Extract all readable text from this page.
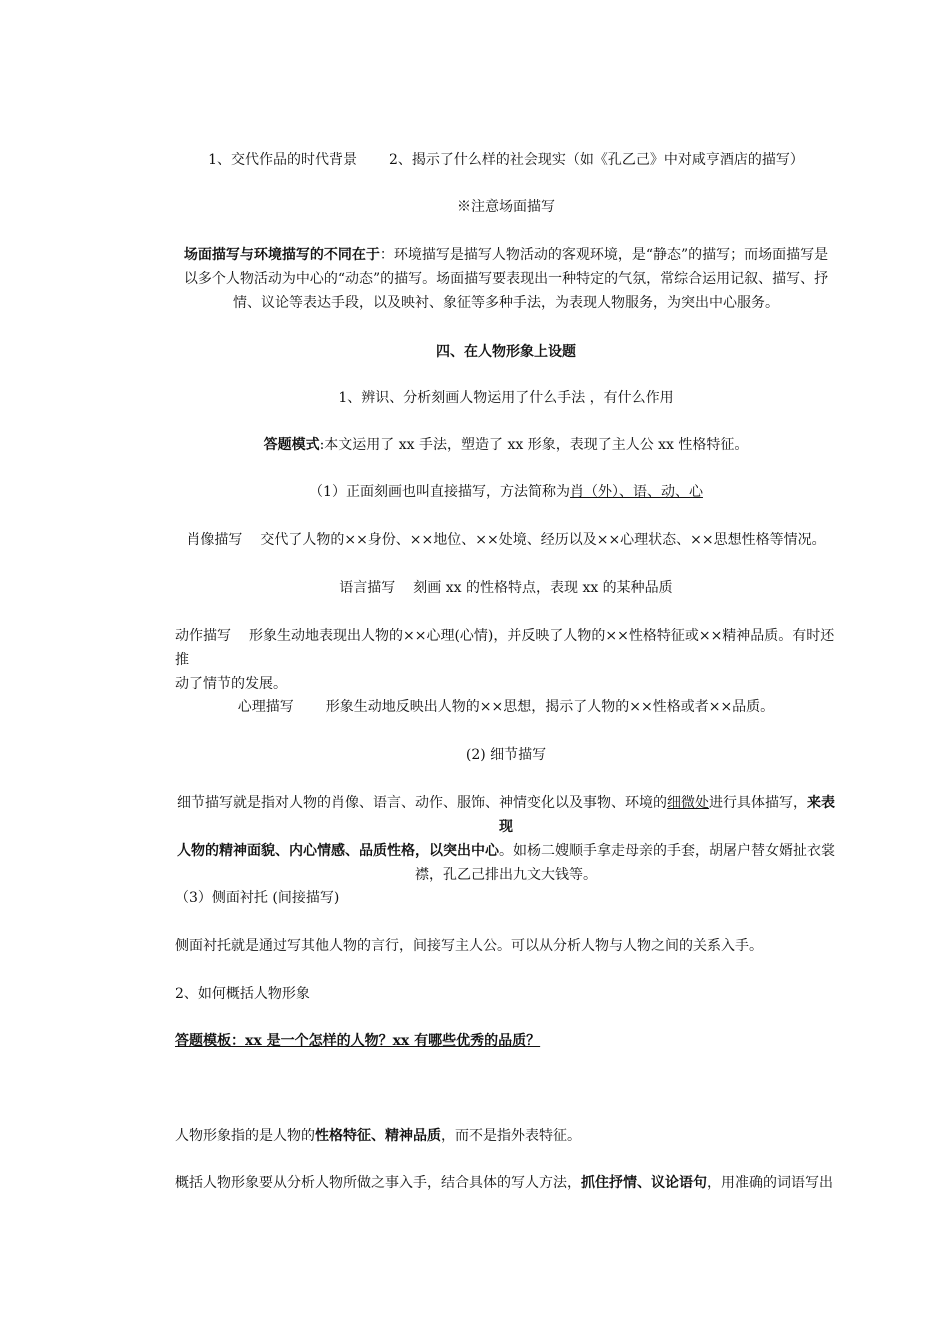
1、交代作品的时代背景 2、揭示了什么样的社会现实（如《孔乙己》中对咸亨酒店的描写）

※注意场面描写

场面描写与环境描写的不同在于：环境描写是描写人物活动的客观环境，是“静态”的描写；而场面描写是
以多个人物活动为中心的“动态”的描写。场面描写要表现出一种特定的气氛，常综合运用记叙、描写、抒
情、议论等表达手段，以及映衬、象征等多种手法，为表现人物服务，为突出中心服务。

四、在人物形象上设题

1、辨识、分析刻画人物运用了什么手法 ，有什么作用

答题模式:本文运用了 xx 手法，塑造了 xx 形象，表现了主人公 xx 性格特征。

（1）正面刻画也叫直接描写，方法简称为肖（外）、语、动、心

肖像描写 交代了人物的××身份、××地位、××处境、经历以及××心理状态、××思想性格等情况。

语言描写 刻画 xx 的性格特点，表现 xx 的某种品质

动作描写 形象生动地表现出人物的××心理(心情)，并反映了人物的××性格特征或××精神品质。有时还推
动了情节的发展。

心理描写 形象生动地反映出人物的××思想，揭示了人物的××性格或者××品质。

(2) 细节描写

细节描写就是指对人物的肖像、语言、动作、服饰、神情变化以及事物、环境的细微处进行具体描写，来表现
人物的精神面貌、内心情感、品质性格，以突出中心。如杨二嫂顺手拿走母亲的手套，胡屠户替女婿扯衣裳
襟，孔乙己排出九文大钱等。

（3）侧面衬托 (间接描写)

侧面衬托就是通过写其他人物的言行，间接写主人公。可以从分析人物与人物之间的关系入手。

2、如何概括人物形象

答题模板：xx 是一个怎样的人物？xx 有哪些优秀的品质？

人物形象指的是人物的性格特征、精神品质，而不是指外表特征。

概括人物形象要从分析人物所做之事入手，结合具体的写人方法，抓住抒情、议论语句，用准确的词语写出
